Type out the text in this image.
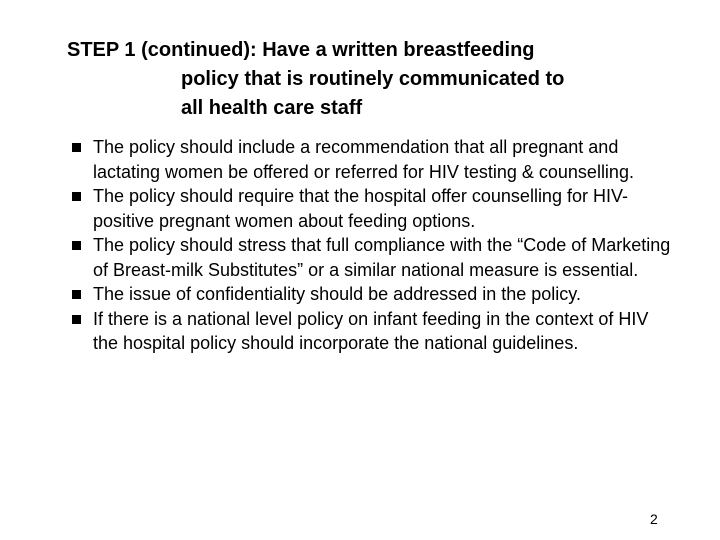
STEP 1 (continued): Have a written breastfeeding
policy that is routinely communicated to
all health care staff
The policy should include a recommendation that all pregnant and lactating women be offered or referred for HIV testing & counselling.
The policy should require that the hospital offer counselling for HIV-positive pregnant women about feeding options.
The policy should stress that full compliance with the “Code of Marketing of Breast-milk Substitutes” or a similar national measure is essential.
The issue of confidentiality should be addressed in the policy.
If there is a national level policy on infant feeding in the context of HIV the hospital policy should incorporate the national guidelines.
2
